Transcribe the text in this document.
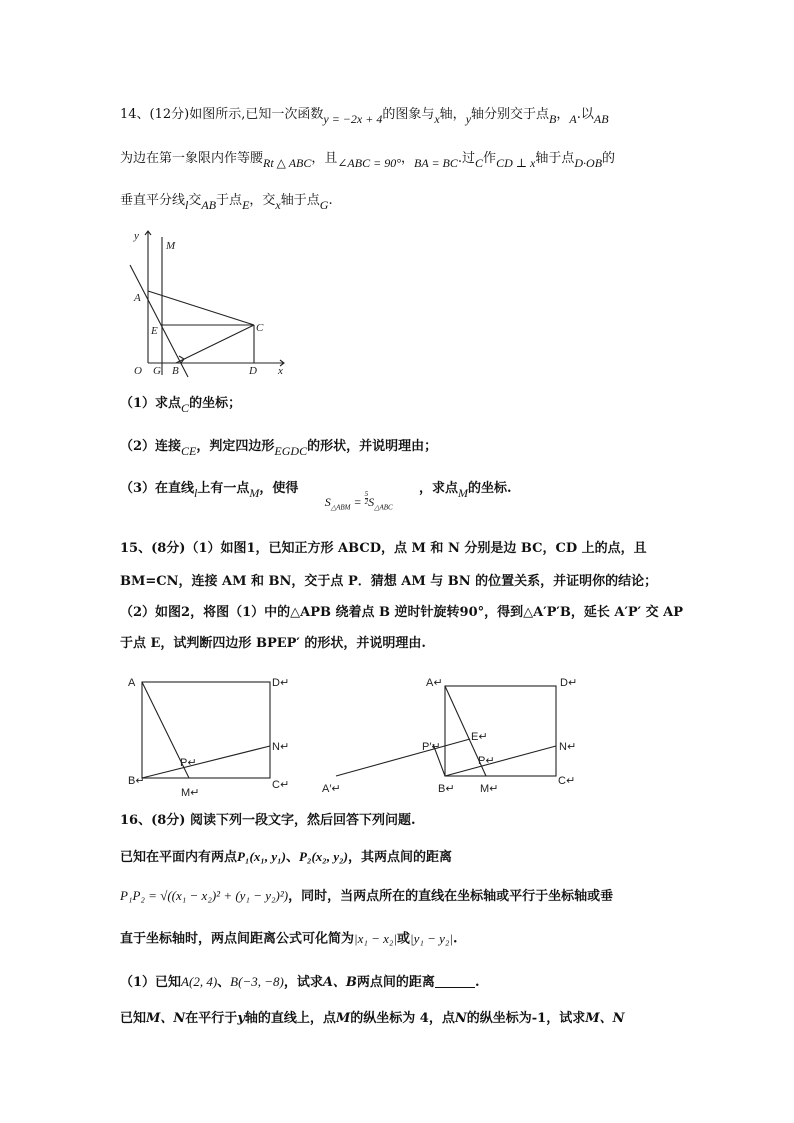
14、(12分)如图所示,已知一次函数y = −2x + 4的图象与x轴，y轴分别交于点B，A.以AB
为边在第一象限内作等腰Rt △ ABC，且∠ABC = 90°，BA = BC.过C作CD ⊥ x轴于点D·OB的
垂直平分线l交AB于点E，交x轴于点G.
y
M
A
E	C
O G B	D x
（1）求点C的坐标；
（2）连接CE，判定四边形EGDC的形状，并说明理由；
（3）在直线l上有一点M，使得  $S_{\triangle ABM} = \frac{5}{2} S_{\triangle ABC}$  ，求点M的坐标.
15、(8分)（1）如图1，已知正方形 ABCD，点 M 和 N 分别是边 BC，CD 上的点，且
BM=CN，连接 AM 和 BN，交于点 P．猜想 AM 与 BN 的位置关系，并证明你的结论；
（2）如图2，将图（1）中的△APB 绕着点 B 逆时针旋转90°，得到△A′P′B，延长 A′P′ 交 AP
于点 E，试判断四边形 BPEP′ 的形状，并说明理由.
A	D↵
N↵
P↵
B↵	C↵
M↵
A↵	D↵
E↵
P′↵	N↵
P↵
A′↵	B↵ M↵
C↵
16、(8分) 阅读下列一段文字，然后回答下列问题.
已知在平面内有两点P₁(x₁, y₁)、P₂(x₂, y₂)，其两点间的距离
P₁P₂ = √((x₁ − x₂)² + (y₁ − y₂)²)，同时，当两点所在的直线在坐标轴或平行于坐标轴或垂
直于坐标轴时，两点间距离公式可化简为|x₁ − x₂|或|y₁ − y₂|.
（1）已知A(2, 4)、B(−3, −8)，试求A、B两点间的距离	.
已知M、N在平行于y轴的直线上，点M的纵坐标为 4，点N的纵坐标为-1，试求M、N
